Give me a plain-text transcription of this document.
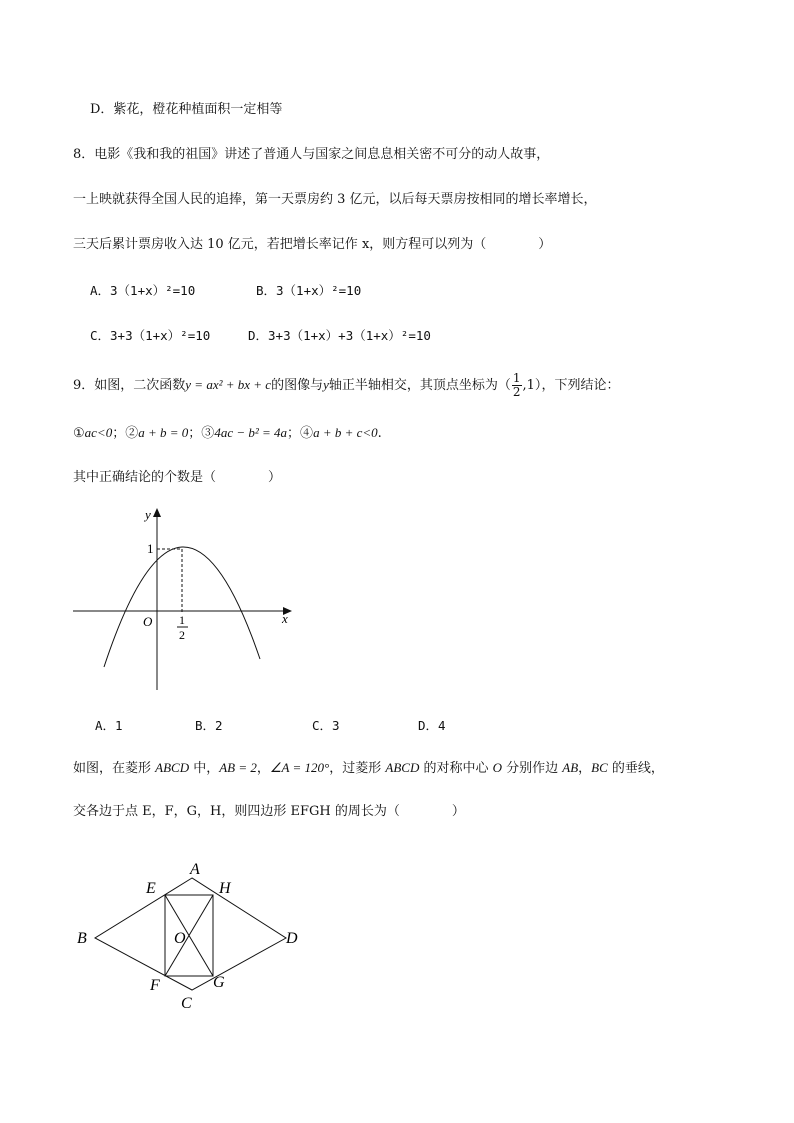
D．紫花，橙花种植面积一定相等
8．电影《我和我的祖国》讲述了普通人与国家之间息息相关密不可分的动人故事，
一上映就获得全国人民的追捧，第一天票房约 3 亿元，以后每天票房按相同的增长率增长，
三天后累计票房收入达 10 亿元，若把增长率记作 x，则方程可以列为（　　　　）
A．3（1+x）²=10	B．3（1+x）²=10
C．3+3（1+x）²=10	D．3+3（1+x）+3（1+x）²=10
9．如图，二次函数y = ax² + bx + c的图像与y轴正半轴相交，其顶点坐标为（ $\frac{1}{2} ,1$），下列结论：
①ac<0；②a + b = 0；③4ac − b² = 4a；④a + b + c<0.
其中正确结论的个数是（　　　　）
y
x
O
1
1
2
A．1	B．2	C．3	D．4
如图，在菱形 ABCD 中，AB = 2，∠A = 120°，过菱形 ABCD 的对称中心 O 分别作边 AB，BC 的垂线，
交各边于点 E，F，G，H，则四边形 EFGH 的周长为（　　　　）
A
B
C
D
E
F	G
H
O
